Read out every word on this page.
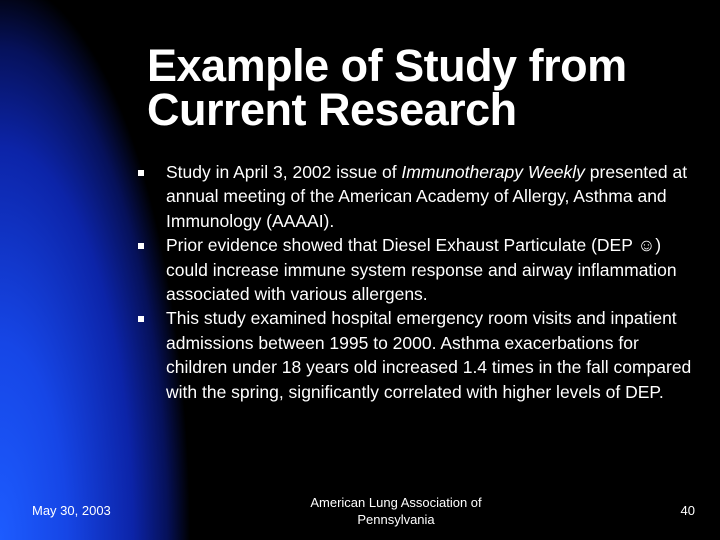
Example of Study from
Current Research
Study in April 3, 2002 issue of Immunotherapy Weekly presented at annual meeting of the American Academy of Allergy, Asthma and Immunology (AAAAI).
Prior evidence showed that Diesel Exhaust Particulate (DEP ☺) could increase immune system response and airway inflammation associated with various allergens.
This study examined hospital emergency room visits and inpatient admissions between 1995 to 2000. Asthma exacerbations for children under 18 years old increased 1.4 times in the fall compared with the spring, significantly correlated with higher levels of DEP.
May 30, 2003
American Lung Association of
Pennsylvania
40
